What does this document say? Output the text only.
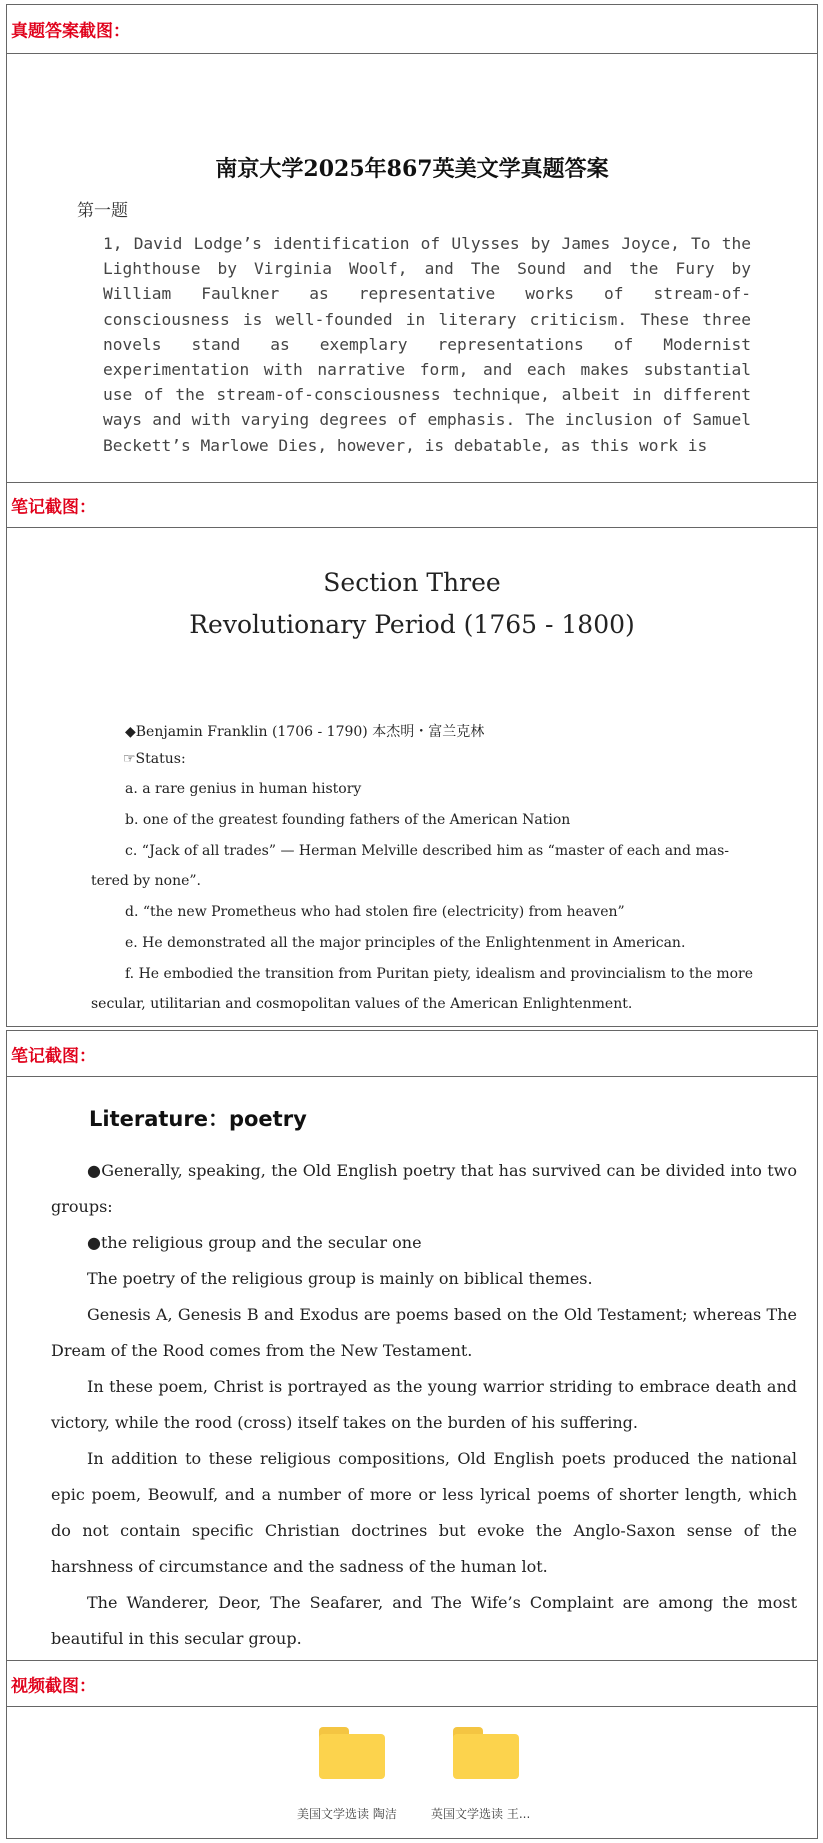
真题答案截图：
南京大学2025年867英美文学真题答案
第一题
1, David Lodge’s identification of Ulysses by James Joyce, To the Lighthouse by Virginia Woolf, and The Sound and the Fury by William Faulkner as representative works of stream-of-consciousness is well-founded in literary criticism. These three novels stand as exemplary representations of Modernist experimentation with narrative form, and each makes substantial use of the stream-of-consciousness technique, albeit in different ways and with varying degrees of emphasis. The inclusion of Samuel Beckett’s Marlowe Dies, however, is debatable, as this work is
笔记截图：
Section Three
Revolutionary Period (1765 - 1800)
◆Benjamin Franklin (1706 - 1790) 本杰明・富兰克林
☞Status:
a. a rare genius in human history
b. one of the greatest founding fathers of the American Nation
c. “Jack of all trades” — Herman Melville described him as “master of each and mas-
tered by none”.
d. “the new Prometheus who had stolen fire (electricity) from heaven”
e. He demonstrated all the major principles of the Enlightenment in American.
f. He embodied the transition from Puritan piety, idealism and provincialism to the more
secular, utilitarian and cosmopolitan values of the American Enlightenment.
笔记截图：
Literature：poetry
●Generally, speaking, the Old English poetry that has survived can be divided into two groups:
●the religious group and the secular one
The poetry of the religious group is mainly on biblical themes.
Genesis A, Genesis B and Exodus are poems based on the Old Testament; whereas The Dream of the Rood comes from the New Testament.
In these poem, Christ is portrayed as the young warrior striding to embrace death and victory, while the rood (cross) itself takes on the burden of his suffering.
In addition to these religious compositions, Old English poets produced the national epic poem, Beowulf, and a number of more or less lyrical poems of shorter length, which do not contain specific Christian doctrines but evoke the Anglo-Saxon sense of the harshness of circumstance and the sadness of the human lot.
The Wanderer, Deor, The Seafarer, and The Wife’s Complaint are among the most beautiful in this secular group.
视频截图：
美国文学选读 陶洁	英国文学选读 王...
